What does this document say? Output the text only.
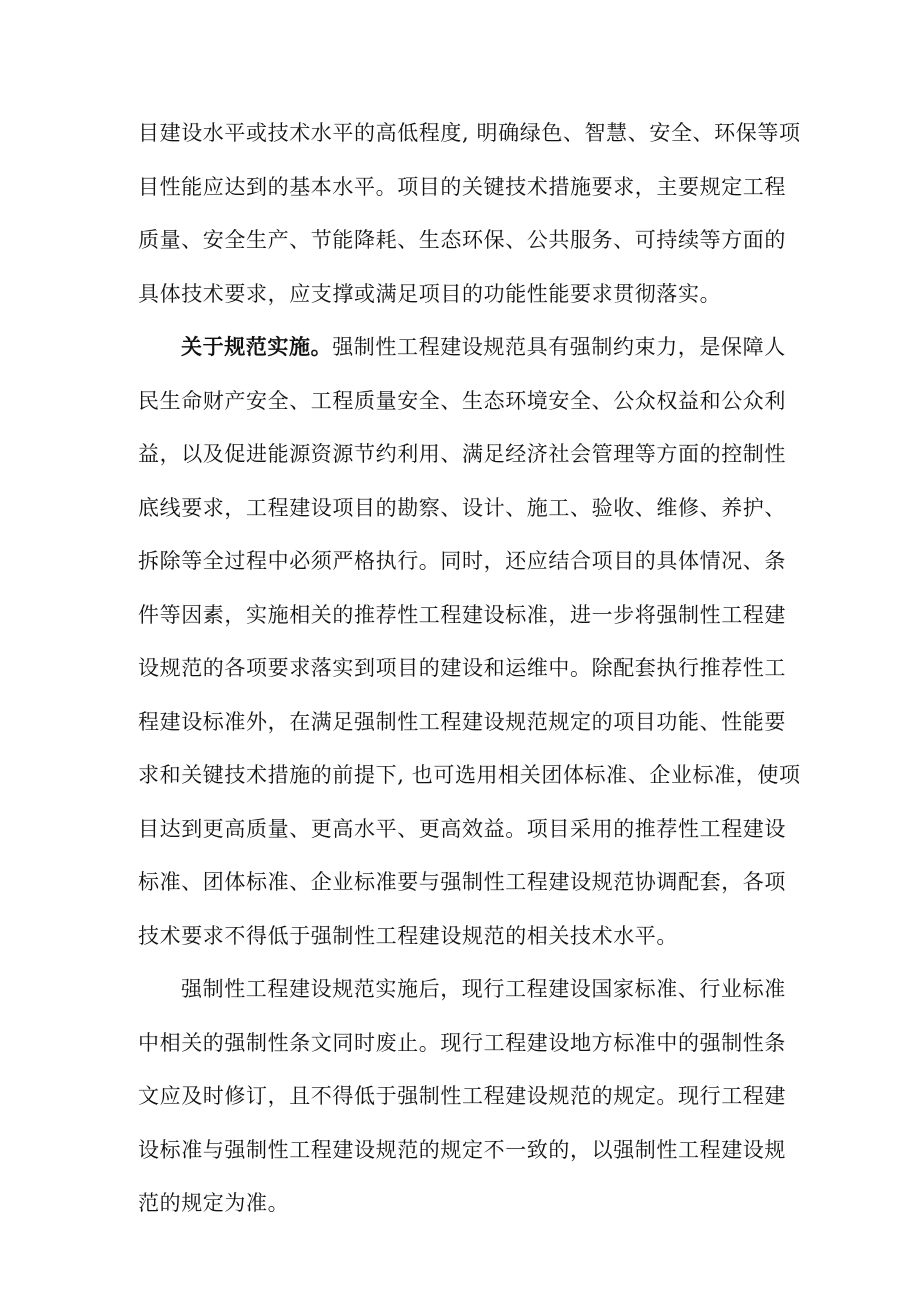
目建设水平或技术水平的高低程度, 明确绿色、智慧、安全、环保等项
目性能应达到的基本水平。项目的关键技术措施要求，主要规定工程
质量、安全生产、节能降耗、生态环保、公共服务、可持续等方面的
具体技术要求，应支撑或满足项目的功能性能要求贯彻落实。
关于规范实施。强制性工程建设规范具有强制约束力，是保障人
民生命财产安全、工程质量安全、生态环境安全、公众权益和公众利
益，以及促进能源资源节约利用、满足经济社会管理等方面的控制性
底线要求，工程建设项目的勘察、设计、施工、验收、维修、养护、
拆除等全过程中必须严格执行。同时，还应结合项目的具体情况、条
件等因素，实施相关的推荐性工程建设标准，进一步将强制性工程建
设规范的各项要求落实到项目的建设和运维中。除配套执行推荐性工
程建设标准外，在满足强制性工程建设规范规定的项目功能、性能要
求和关键技术措施的前提下, 也可选用相关团体标准、企业标准，使项
目达到更高质量、更高水平、更高效益。项目采用的推荐性工程建设
标准、团体标准、企业标准要与强制性工程建设规范协调配套，各项
技术要求不得低于强制性工程建设规范的相关技术水平。
强制性工程建设规范实施后，现行工程建设国家标准、行业标准
中相关的强制性条文同时废止。现行工程建设地方标准中的强制性条
文应及时修订，且不得低于强制性工程建设规范的规定。现行工程建
设标准与强制性工程建设规范的规定不一致的，以强制性工程建设规
范的规定为准。
